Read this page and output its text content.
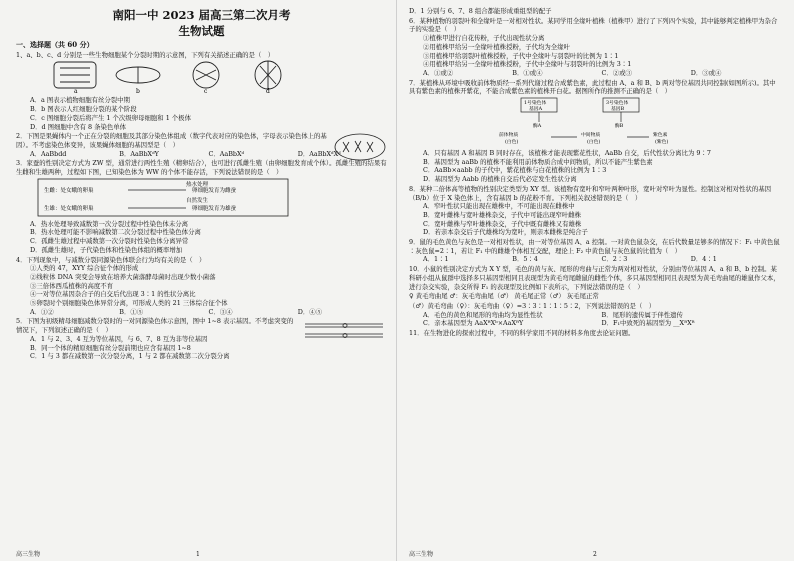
南阳一中 2023 届高三第二次月考
生物试题
一、选择题（共 60 分）
1、a、b、c、d 分别是一些生物细胞某个分裂时期的示意图，下列有关描述正确的是（　）
a	b	c	d
A．a 图表示植物细胞有丝分裂中期
B．b 图表示人红细胞分裂的某个阶段
C．c 图细胞分裂后将产生 1 个次级卵母细胞和 1 个极体
D．d 图细胞中含有 8 条染色单体
2．下图是果蝇体内一个正在分裂的细胞及其部分染色体组成（数字代表对应的染色体，字母表示染色体上的基因）。不考虑染色体变异，该果蝇体细胞的基因型是（　）
A．AaBbdd	B．AaBbXᵈY	C．AaBbXᵈ	D．AaBbXᵈXᵈ
3．家蚕的性别决定方式为 ZW 型，通常进行两性生殖（精卵结合），也可进行孤雌生殖（由卵细胞发育成个体）。孤雌生殖的结果有生雌和生雄两种，过程如下图，已知染色体为 WW 的个体不能存活，下列说法错误的是（　）
热水处理
生雌：处女蛾的卵巢	卵细胞发育为雌蚕
自然发生
生雄：处女蛾的卵巢	卵细胞发育为雄蚕
A．热水处理导致减数第一次分裂过程中性染色体未分离
B．热水处理可能不影响减数第二次分裂过程中性染色体分离
C．孤雌生雄过程中减数第一次分裂时性染色体分离异常
D．孤雌生雄时，子代染色体和性染色体组的概率增加
4．下列现象中，与减数分裂同源染色体联会行为均有关的是（　）
①人类的 47，XYY 综合征个体的形成
②线粒体 DNA 突变会导致在培养大菌落酵母菌时出现少数小菌落
③三倍体西瓜植株的高度不育
④一对等位基因杂合子的自交后代出现 3∶1 的性状分离比
⑤卵裂时个别细胞染色体异常分离，可形成人类的 21 三体综合征个体
A．①②	B．①⑤	C．③④	D．④⑤
5．下图为初级精母细胞减数分裂时的一对同源染色体示意图，图中 1~8 表示基因。不考虑突变的情况下，下列叙述正确的是（　）
A．1 与 2、3、4 互为等位基因，与 6、7、8 互为非等位基因
B．同一个体的精原细胞有丝分裂前期也应含有基因 1~8
C．1 与 3 都在减数第一次分裂分离，1 与 2 都在减数第二次分裂分离
高三生物	1
D．1 分别与 6、7、8 组合都能形成重组型的配子
6．某种植物的羽裂叶和全缘叶是一对相对性状。某同学用全缘叶植株（植株甲）进行了下列四个实验，其中能够判定植株甲为杂合子的实验是（　）
①植株甲进行自花传粉，子代出现性状分离
②用植株甲给另一全缘叶植株授粉，子代均为全缘叶
③用植株甲给羽裂叶植株授粉，子代中全缘叶与羽裂叶的比例为 1∶1
④用植株甲给另一全缘叶植株授粉，子代中全缘叶与羽裂叶的比例为 3∶1
A．①或②	B．①或④	C．②或③	D．③或④
7．某植株从环境中吸收前体物质经一系列代谢过程合成紫色素，此过程由 A、a 和 B、b 两对等位基因共同控制(如图所示)。其中具有紫色素的植株开紫花，不能合成紫色素的植株开白花。据图所作的推测不正确的是（　）
1号染色体
基因A
酶A
3号染色体
基因B
酶B
前体物质
(白色)
中间物质
(白色)
紫色素
(紫色)
A．只有基因 A 和基因 B 同时存在，该植株才能表现紫花性状，AaBb 自交，后代性状分离比为 9∶7
B．基因型为 aaBb 的植株不能利用前体物质合成中间物质，所以不能产生紫色素
C．AaBb×aabb 的子代中，紫花植株与白花植株的比例为 1∶3
D．基因型为 Aabb 的植株自交后代必定发生性状分离
8．某种二倍体高等植物的性别决定类型为 XY 型。该植物有宽叶和窄叶两种叶形，宽叶对窄叶为显性。控制这对相对性状的基因（B/b）位于 X 染色体上，含有基因 b 的花粉不育。下列相关叙述错误的是（　）
A．窄叶性状只能出现在雄株中，不可能出现在雌株中
B．宽叶雌株与宽叶雄株杂交，子代中可能出现窄叶雌株
C．宽叶雌株与窄叶雄株杂交，子代中既有雌株又有雄株
D．若亲本杂交后子代雄株均为宽叶，则亲本雌株是纯合子
9．鼠的毛色黄色与灰色是一对相对性状，由一对等位基因 A、a 控制。一对黄色鼠杂交，在后代数量足够多的情况下：F₁ 中黄色鼠∶灰色鼠=2∶1，若让 F₁ 中的雌雄个体相互交配，理论上 F₂ 中黄色鼠与灰色鼠的比值为（　）
A．1∶1	B．5∶4	C．2∶3	D．4∶1
10．小鼠的性别决定方式为 X Y 型，毛色的黄与灰、尾形的弯曲与正常为两对相对性状，分别由等位基因 A、a 和 B、b 控制。某科研小组从鼠群中选择多只基因型相同且表现型为黄毛弯尾雌鼠的雌性个体，多只基因型相同且表现型为黄毛弯曲尾的雄鼠作父本，进行杂交实验，杂交所得 F₁ 的表现型及比例如下表所示，下列说法错误的是（　）
♀ 黄毛弯曲尾 ♂：灰毛弯曲尾（♂） 黄毛尾正常（♂） 灰毛尾正常
（♂）黄毛弯曲（♀）：灰毛弯曲（♀）=3∶3∶1∶1∶5∶2，下列说法错误的是（　）
A．毛色的黄色和尾形的弯曲均为显性性状	B．尾形的遗传属于伴性遗传
C．亲本基因型为 AaXᴮXᵇ×AaXᴮY	D．F₁中致死的基因型为 __XᴮXᴮ
11．在生物进化的探索过程中，不同的科学家用不同的材料多角度去论证问题。
高三生物	2
